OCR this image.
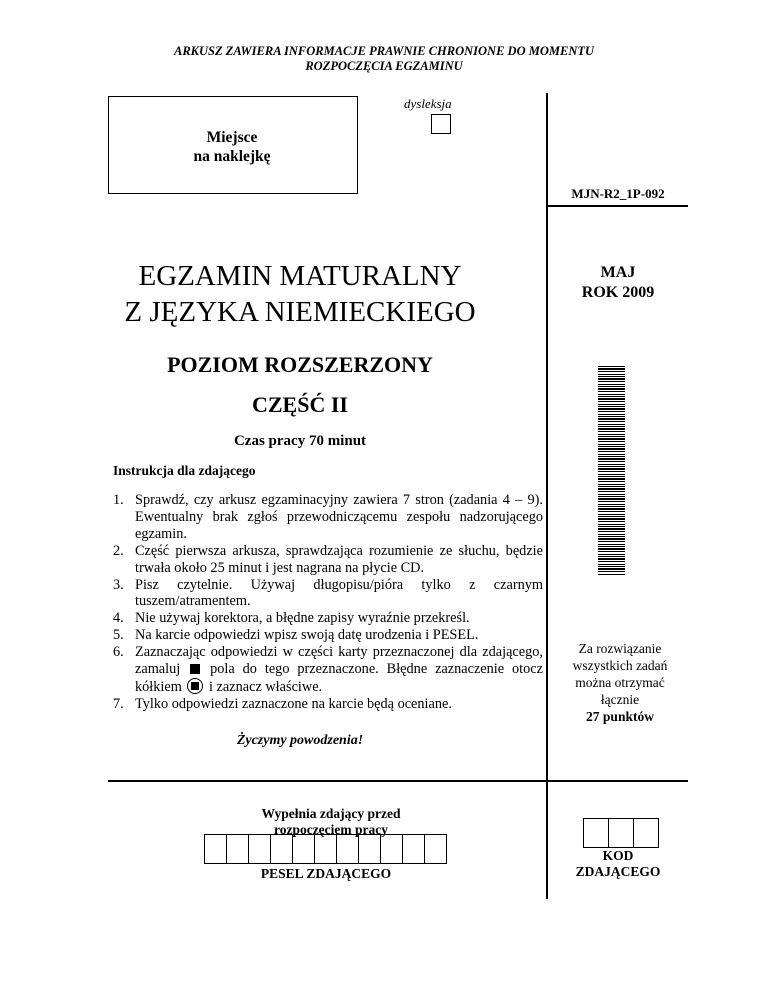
ARKUSZ ZAWIERA INFORMACJE PRAWNIE CHRONIONE DO MOMENTU
ROZPOCZĘCIA EGZAMINU
Miejsce
na naklejkę
dysleksja
MJN-R2_1P-092
EGZAMIN MATURALNY
Z JĘZYKA NIEMIECKIEGO
MAJ
ROK 2009
POZIOM ROZSZERZONY
CZĘŚĆ II
Czas pracy 70 minut
Instrukcja dla zdającego
1. Sprawdź, czy arkusz egzaminacyjny zawiera 7 stron (zadania 4 – 9). Ewentualny brak zgłoś przewodniczącemu zespołu nadzorującego egzamin.
2. Część pierwsza arkusza, sprawdzająca rozumienie ze słuchu, będzie trwała około 25 minut i jest nagrana na płycie CD.
3. Pisz czytelnie. Używaj długopisu/pióra tylko z czarnym tuszem/atramentem.
4. Nie używaj korektora, a błędne zapisy wyraźnie przekreśl.
5. Na karcie odpowiedzi wpisz swoją datę urodzenia i PESEL.
6. Zaznaczając odpowiedzi w części karty przeznaczonej dla zdającego, zamaluj pola do tego przeznaczone. Błędne zaznaczenie otocz kółkiem i zaznacz właściwe.
7. Tylko odpowiedzi zaznaczone na karcie będą oceniane.
Za rozwiązanie
wszystkich zadań
można otrzymać
łącznie
27 punktów
Życzymy powodzenia!
Wypełnia zdający przed
rozpoczęciem pracy
PESEL ZDAJĄCEGO
KOD
ZDAJĄCEGO
